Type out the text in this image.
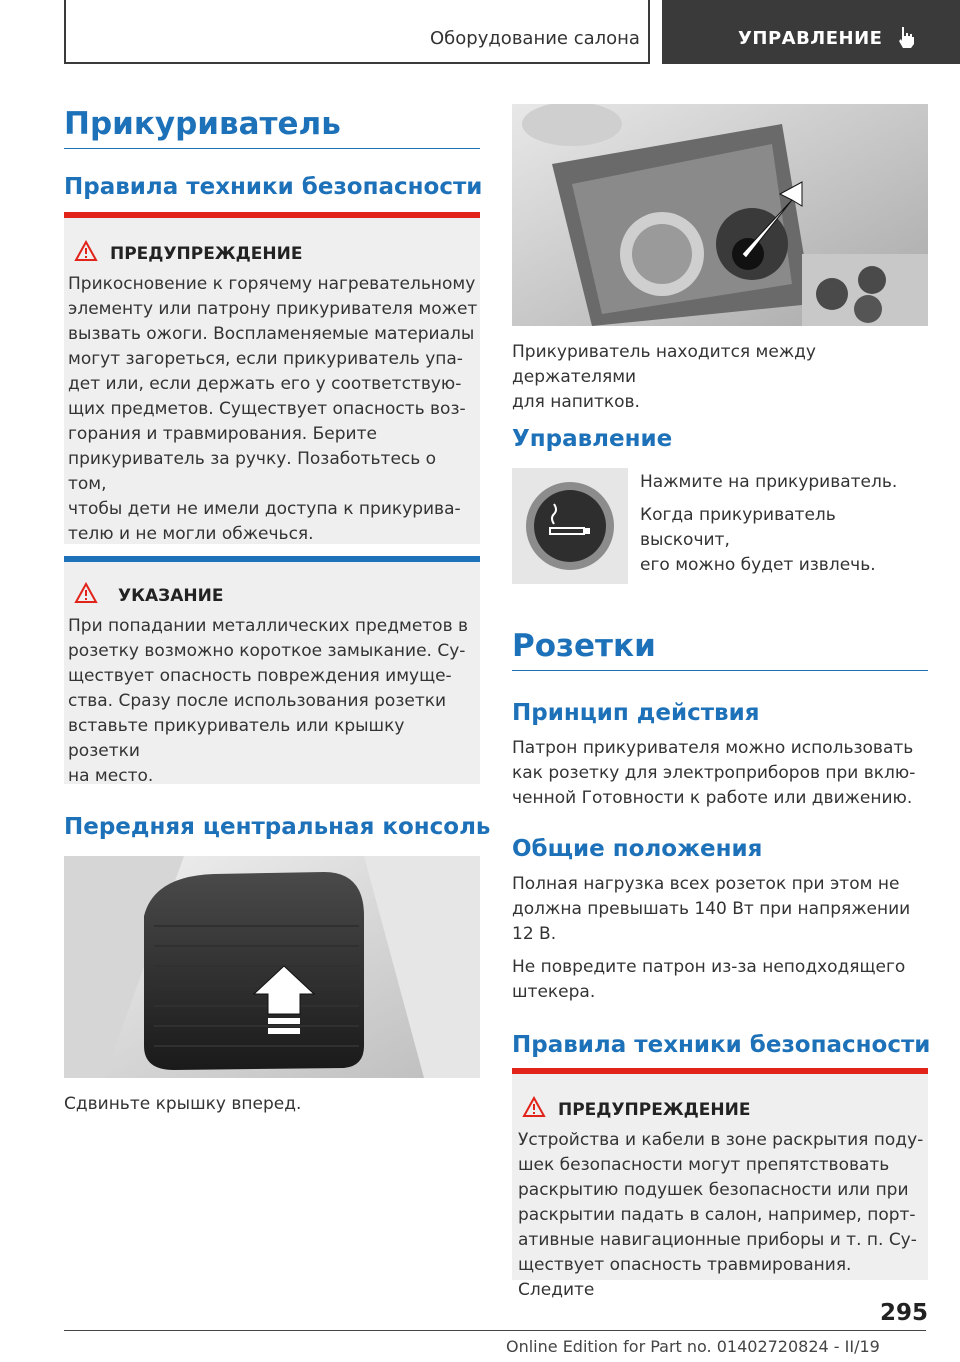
Оборудование салона	УПРАВЛЕНИЕ
Прикуриватель
Правила техники безопасности
ПРЕДУПРЕЖДЕНИЕ
Прикосновение к горячему нагревательному
элементу или патрону прикуривателя может
вызвать ожоги. Воспламеняемые материалы
могут загореться, если прикуриватель упа-
дет или, если держать его у соответствую-
щих предметов. Существует опасность воз-
горания и травмирования. Берите
прикуриватель за ручку. Позаботьтесь о том,
чтобы дети не имели доступа к прикурива-
телю и не могли обжечься.
УКАЗАНИЕ
При попадании металлических предметов в
розетку возможно короткое замыкание. Су-
ществует опасность повреждения имуще-
ства. Сразу после использования розетки
вставьте прикуриватель или крышку розетки
на место.
Передняя центральная консоль
Сдвиньте крышку вперед.
Прикуриватель находится между держателями
для напитков.
Управление
Нажмите на прикуриватель.
Когда прикуриватель выскочит,
его можно будет извлечь.
Розетки
Принцип действия
Патрон прикуривателя можно использовать
как розетку для электроприборов при вклю-
ченной Готовности к работе или движению.
Общие положения
Полная нагрузка всех розеток при этом не
должна превышать 140 Вт при напряжении
12 В.
Не повредите патрон из-за неподходящего
штекера.
Правила техники безопасности
ПРЕДУПРЕЖДЕНИЕ
Устройства и кабели в зоне раскрытия поду-
шек безопасности могут препятствовать
раскрытию подушек безопасности или при
раскрытии падать в салон, например, порт-
ативные навигационные приборы и т. п. Су-
ществует опасность травмирования. Следите
295
Online Edition for Part no. 01402720824 - II/19
